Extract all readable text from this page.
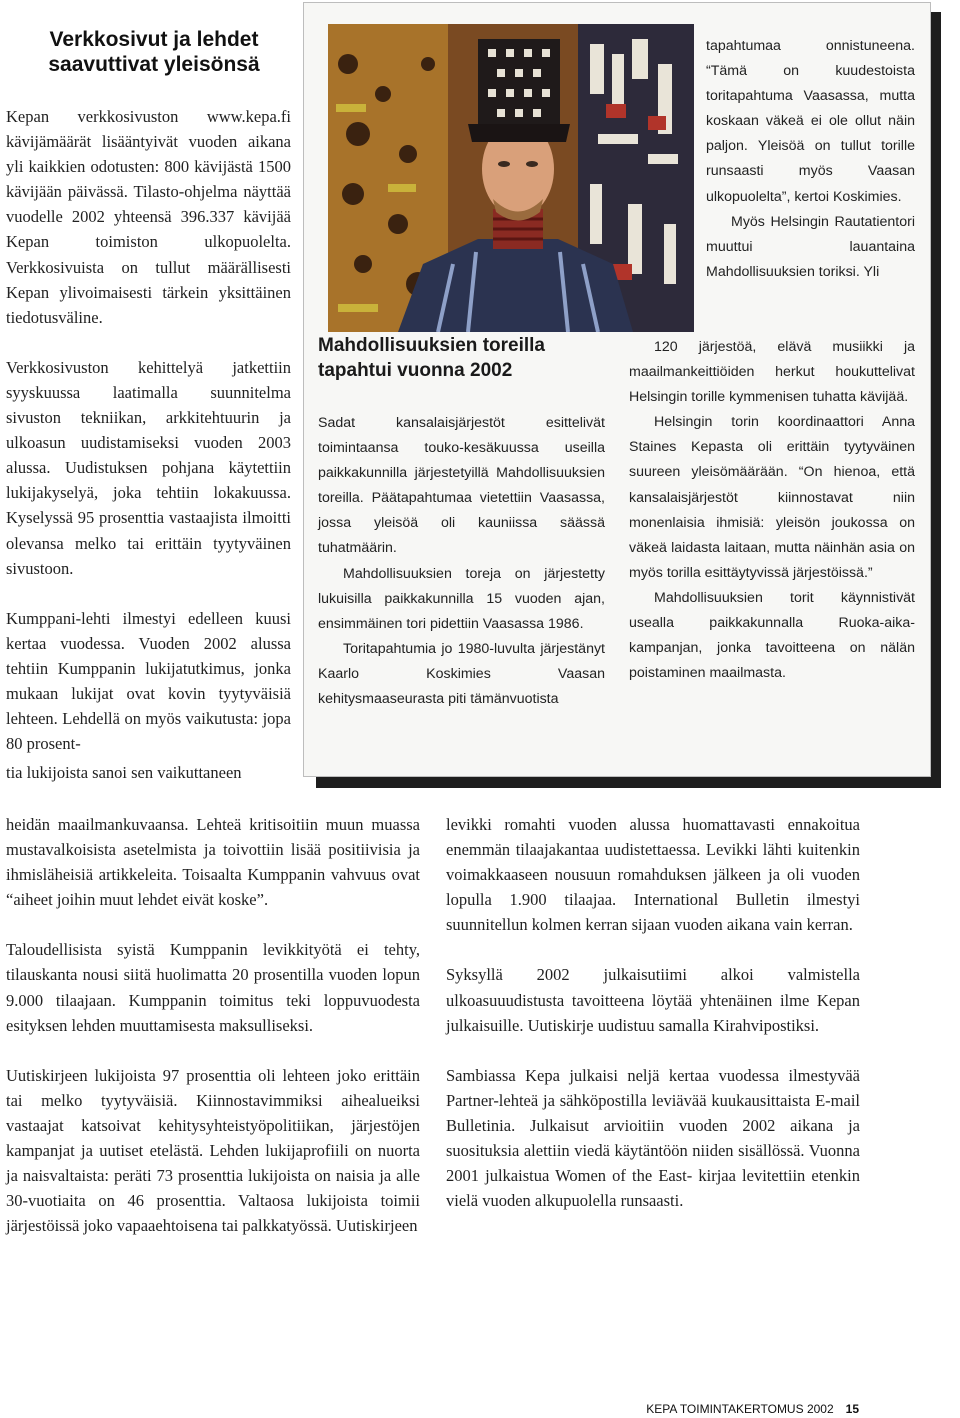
Verkkosivut ja lehdet saavuttivat yleisönsä

Kepan verkkosivuston www.kepa.fi kävijämäärät lisääntyivät vuoden aikana yli kaikkien odotusten: 800 kävijästä 1500 kävijään päivässä. Tilasto-ohjelma näyttää vuodelle 2002 yhteensä 396.337 kävijää Kepan toimiston ulkopuolelta. Verkkosivuista on tullut määrällisesti Kepan ylivoimaisesti tärkein yksittäinen tiedotusväline.

Verkkosivuston kehittelyä jatkettiin syyskuussa laatimalla suunnitelma sivuston tekniikan, arkkitehtuurin ja ulkoasun uudistamiseksi vuoden 2003 alussa. Uudistuksen pohjana käytettiin lukijakyselyä, joka tehtiin lokakuussa. Kyselyssä 95 prosenttia vastaajista ilmoitti olevansa melko tai erittäin tyytyväinen sivustoon.

Kumppani-lehti ilmestyi edelleen kuusi kertaa vuodessa. Vuoden 2002 alussa tehtiin Kumppanin lukijatutkimus, jonka mukaan lukijat ovat kovin tyytyväisiä lehteen. Lehdellä on myös vaikutusta: jopa 80 prosent-

tia lukijoista sanoi sen vaikuttaneen

heidän maailmankuvaansa. Lehteä kritisoitiin muun muassa mustavalkoisista asetelmista ja toivottiin lisää positiivisia ja ihmisläheisiä artikkeleita. Toisaalta Kumppanin vahvuus ovat “aiheet joihin muut lehdet eivät koske”.

Taloudellisista syistä Kumppanin levikkityötä ei tehty, tilauskanta nousi siitä huolimatta 20 prosentilla vuoden lopun 9.000 tilaajaan. Kumppanin toimitus teki loppuvuodesta esityksen lehden muuttamisesta maksulliseksi.

Uutiskirjeen lukijoista 97 prosenttia oli lehteen joko erittäin tai melko tyytyväisiä. Kiinnostavimmiksi aihealueiksi vastaajat katsoivat kehitysyhteistyöpolitiikan, järjestöjen kampanjat ja uutiset etelästä. Lehden lukijaprofiili on nuorta ja naisvaltaista: peräti 73 prosenttia lukijoista on naisia ja alle 30-vuotiaita on 46 prosenttia. Valtaosa lukijoista toimii järjestöissä joko vapaaehtoisena tai palkkatyössä. Uutiskirjeen

levikki romahti vuoden alussa huomattavasti ennakoitua enemmän tilaajakantaa uudistettaessa. Levikki lähti kuitenkin voimakkaaseen nousuun romahduksen jälkeen ja oli vuoden lopulla 1.900 tilaajaa. International Bulletin ilmestyi suunnitellun kolmen kerran sijaan vuoden aikana vain kerran.

Syksyllä 2002 julkaisutiimi alkoi valmistella ulkoasuuudistusta tavoitteena löytää yhtenäinen ilme Kepan julkaisuille. Uutiskirje uudistuu samalla Kirahvipostiksi.

Sambiassa Kepa julkaisi neljä kertaa vuodessa ilmestyvää Partner-lehteä ja sähköpostilla leviävää kuukausittaista E-mail Bulletinia. Julkaisut arvioitiin vuoden 2002 aikana ja suosituksia alettiin viedä käytäntöön niiden sisällössä. Vuonna 2001 julkaistua Women of the East- kirjaa levitettiin etenkin vielä vuoden alkupuolella runsaasti.

Mahdollisuuksien toreilla tapahtui vuonna 2002

Sadat kansalaisjärjestöt esittelivät toimintaansa touko-kesäkuussa useilla paikkakunnilla järjestetyillä Mahdollisuuksien toreilla. Päätapahtumaa vietettiin Vaasassa, jossa yleisöä oli kauniissa säässä tuhatmäärin.

Mahdollisuuksien toreja on järjestetty lukuisilla paikkakunnilla 15 vuoden ajan, ensimmäinen tori pidettiin Vaasassa 1986.

Toritapahtumia jo 1980-luvulta järjestänyt Kaarlo Koskimies Vaasan kehitysmaaseurasta piti tämänvuotista

tapahtumaa onnistuneena. “Tämä on kuudestoista toritapahtuma Vaasassa, mutta koskaan väkeä ei ole ollut näin paljon. Yleisöä on tullut torille runsaasti myös Vaasan ulkopuolelta”, kertoi Koskimies.

Myös Helsingin Rautatientori muuttui lauantaina Mahdollisuuksien toriksi. Yli

120 järjestöä, elävä musiikki ja maailmankeittiöiden herkut houkuttelivat Helsingin torille kymmenisen tuhatta kävijää.

Helsingin torin koordinaattori Anna Staines Kepasta oli erittäin tyytyväinen suureen yleisömäärään. “On hienoa, että kansalaisjärjestöt kiinnostavat niin monenlaisia ihmisiä: yleisön joukossa on väkeä laidasta laitaan, mutta näinhän asia on myös torilla esittäytyvissä järjestöissä.”

Mahdollisuuksien torit käynnistivät usealla paikkakunnalla Ruoka-aika-kampanjan, jonka tavoitteena on nälän poistaminen maailmasta.

KEPA TOIMINTAKERTOMUS 2002 15
